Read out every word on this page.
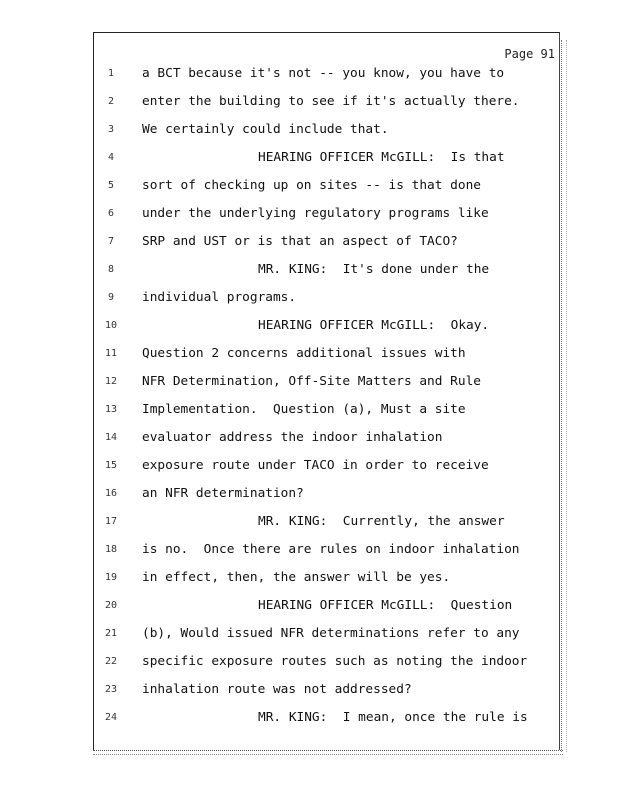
Page 91
1	a BCT because it's not -- you know, you have to
2	enter the building to see if it's actually there.
3	We certainly could include that.
4	HEARING OFFICER McGILL:  Is that
5	sort of checking up on sites -- is that done
6	under the underlying regulatory programs like
7	SRP and UST or is that an aspect of TACO?
8	MR. KING:  It's done under the
9	individual programs.
10	HEARING OFFICER McGILL:  Okay.
11	Question 2 concerns additional issues with
12	NFR Determination, Off-Site Matters and Rule
13	Implementation.  Question (a), Must a site
14	evaluator address the indoor inhalation
15	exposure route under TACO in order to receive
16	an NFR determination?
17	MR. KING:  Currently, the answer
18	is no.  Once there are rules on indoor inhalation
19	in effect, then, the answer will be yes.
20	HEARING OFFICER McGILL:  Question
21	(b), Would issued NFR determinations refer to any
22	specific exposure routes such as noting the indoor
23	inhalation route was not addressed?
24	MR. KING:  I mean, once the rule is
